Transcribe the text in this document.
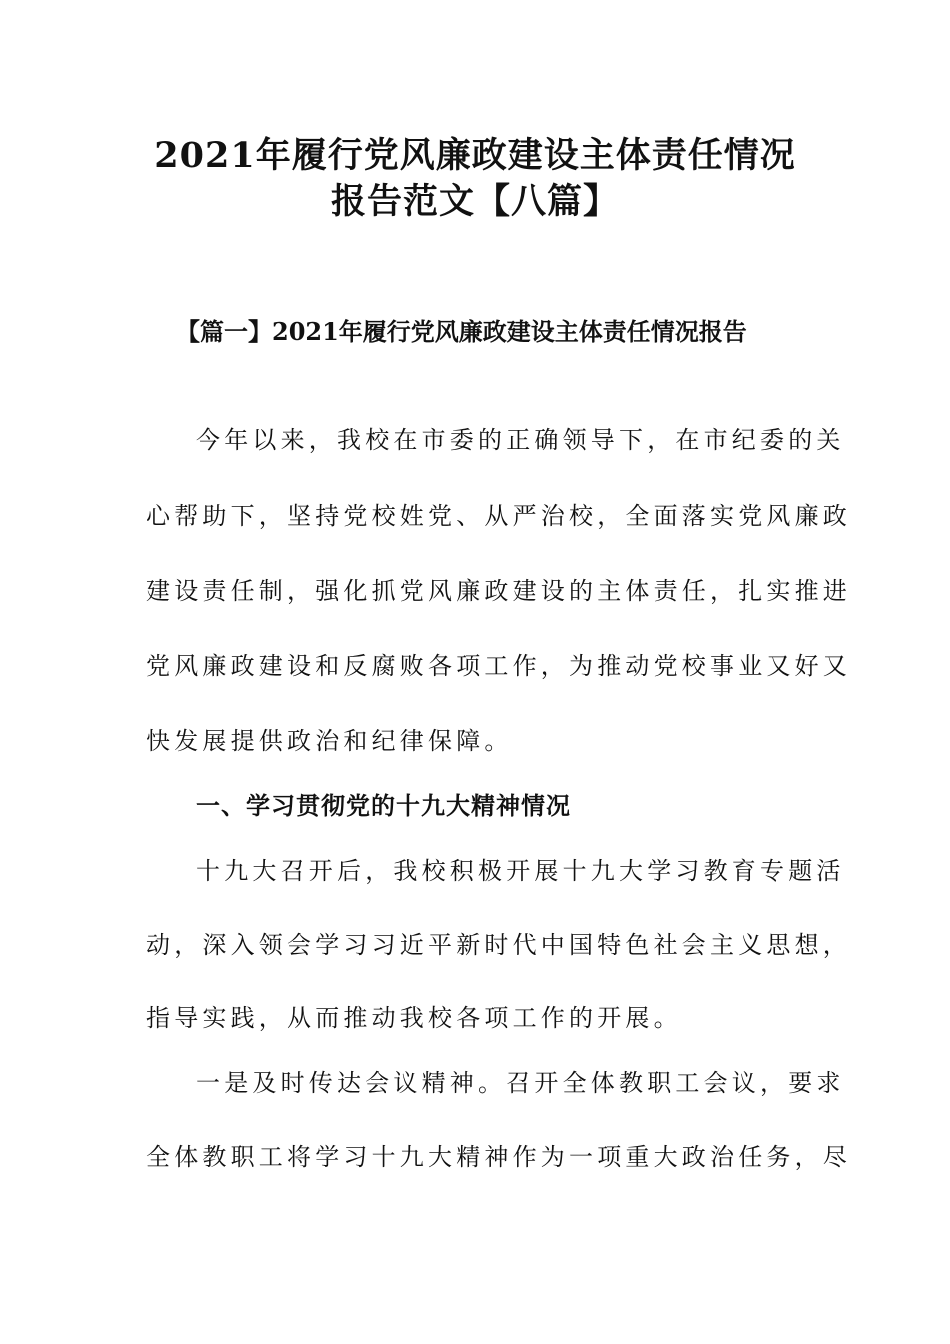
2021年履行党风廉政建设主体责任情况
报告范文【八篇】
【篇一】2021年履行党风廉政建设主体责任情况报告
今年以来，我校在市委的正确领导下，在市纪委的关
心帮助下，坚持党校姓党、从严治校，全面落实党风廉政
建设责任制，强化抓党风廉政建设的主体责任，扎实推进
党风廉政建设和反腐败各项工作，为推动党校事业又好又
快发展提供政治和纪律保障。
一、学习贯彻党的十九大精神情况
十九大召开后，我校积极开展十九大学习教育专题活
动，深入领会学习习近平新时代中国特色社会主义思想，
指导实践，从而推动我校各项工作的开展。
一是及时传达会议精神。召开全体教职工会议，要求
全体教职工将学习十九大精神作为一项重大政治任务，尽
